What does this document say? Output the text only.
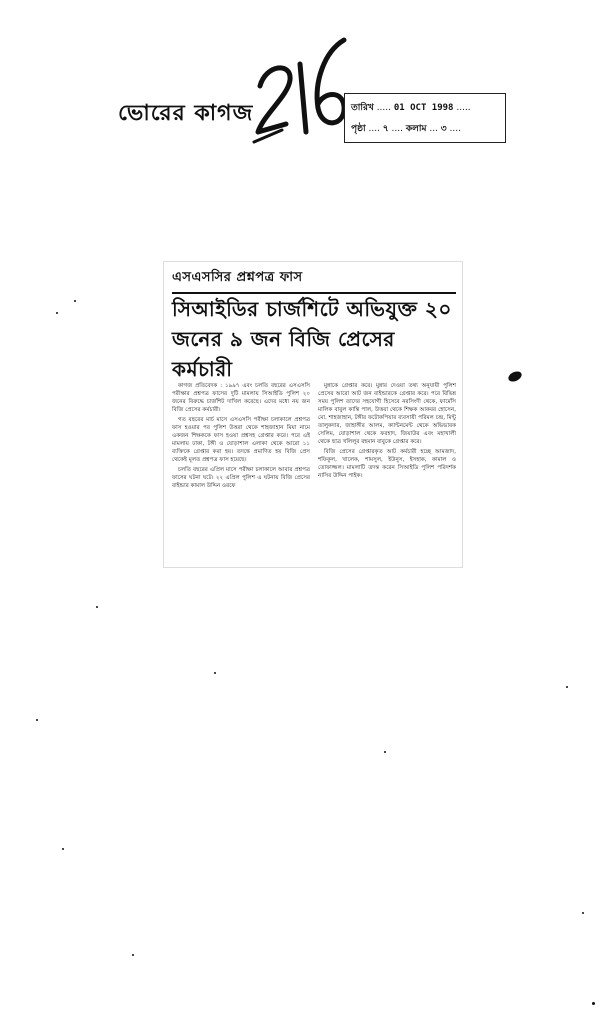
ভোরের কাগজ	তারিখ ..... 01 OCT 1998 .....
পৃষ্ঠা .... ৭ .... কলাম ... ৩ ....
এসএসসির প্রশ্নপত্র ফাস
সিআইডির চার্জশিটে অভিযুক্ত ২০
জনের ৯ জন বিজি প্রেসের কর্মচারী

কাগজ প্রতিবেদক : ১৯৯৭ এবং চলতি বছরের এসএসসি পরীক্ষার প্রশ্নপত্র ফাসের দুটি মামলায় সিআইডি পুলিশ ২০ জনের বিরুদ্ধে চার্জশিট দাখিল করেছে। এদের মধ্যে নয় জন বিজি প্রেসের কর্মচারী।

গত বছরের মার্চ মাসে এসএসসি পরীক্ষা চলাকালে প্রশ্নপত্র ফাস হওয়ার পর পুলিশ উত্তরা থেকে শাহজাহান মিয়া নামে একজন শিক্ষককে ফাস হওয়া প্রশ্নসহ গ্রেপ্তার করে। পরে এই মামলায় ঢাকা, টঙ্গী ও যোড়াশাল এলাকা থেকে আরো ১১ ব্যক্তিকে গ্রেপ্তার করা হয়। তদন্তে প্রমাণিত হয় বিজি প্রেস থেকেই মূলত প্রশ্নপত্র ফাস হয়েছে।

চলতি বছরের এপ্রিল মাসে পরীক্ষা চলাকালে আবার প্রশ্নপত্র ফাসের ঘটনা ঘটে। ২২ এপ্রিল পুলিশ এ ঘটনায় বিজি প্রেসের বাইন্ডার কামাল উদ্দিন ওরফে

মুন্নাকে গ্রেপ্তার করে। মুন্নার দেওয়া তথ্য অনুযায়ী পুলিশ প্রেসের আরো আট জন বাইন্ডারকে গ্রেপ্তার করে। পরে বিভিন্ন সময় পুলিশ তাদের সহযোগী হিসেবে নরসিংদী থেকে, ফার্মেসি মালিক বাবুল কান্তি পাল, উত্তরা থেকে শিক্ষক আকবর হোসেন, মো. শাহজাহান, টঙ্গীর ফটোকপিয়ার ব্যবসায়ী পরিমল চন্দ্র, মিন্টু তালুকদার, জাহাঙ্গীর আলম, ক্যান্টনমেন্ট থেকে অভিভাবক সেলিম, যোড়াশাল থেকে ফরহাদ, জিয়াউর এবং মহাখালী থেকে ছাত্র খলিলুর রহমান বাবুকে গ্রেপ্তার করে।

বিজি প্রেসের গ্রেপ্তারকৃত আট কর্মচারী হচ্ছে আমজাদ, শফিকুল, খালেক, শামসুল, ইউনুস, ইসহাক, কামাল ও তোফাজ্জল। মামলাটি তদন্ত করেন সিআইডি পুলিশ পরিদর্শক নাসির উদ্দিন পাইক।
